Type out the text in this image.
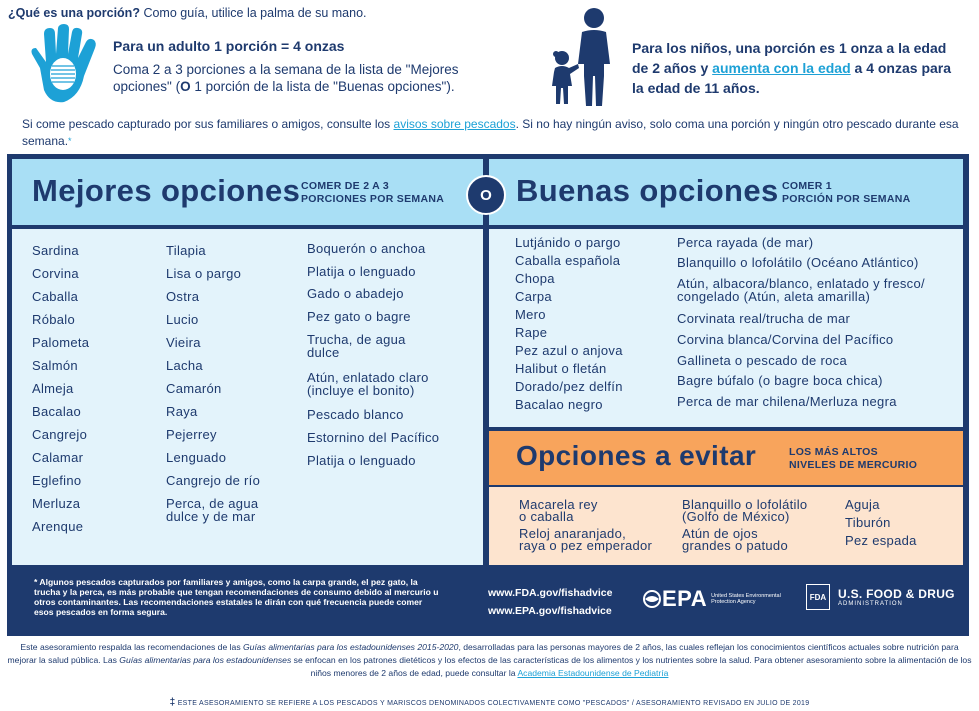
¿Qué es una porción? Como guía, utilice la palma de su mano.
Para un adulto 1 porción = 4 onzas
Coma 2 a 3 porciones a la semana de la lista de "Mejores opciones" (O 1 porción de la lista de "Buenas opciones").
Para los niños, una porción es 1 onza a la edad de 2 años y aumenta con la edad a 4 onzas para la edad de 11 años.
Si come pescado capturado por sus familiares o amigos, consulte los avisos sobre pescados. Si no hay ningún aviso, solo coma una porción y ningún otro pescado durante esa semana.*
Mejores opciones COMER DE 2 A 3
PORCIONES POR SEMANA Buenas opciones COMER 1
PORCIÓN POR SEMANA
O
Sardina
Corvina
Caballa
Róbalo
Palometa
Salmón
Almeja
Bacalao
Cangrejo
Calamar
Eglefino
Merluza
Arenque
Tilapia
Lisa o pargo
Ostra
Lucio
Vieira
Lacha
Camarón
Raya
Pejerrey
Lenguado
Cangrejo de río
Perca, de agua
dulce y de mar
Boquerón o anchoa
Platija o lenguado
Gado o abadejo
Pez gato o bagre
Trucha, de agua
dulce
Atún, enlatado claro
(incluye el bonito)
Pescado blanco
Estornino del Pacífico
Platija o lenguado
Lutjánido o pargo
Caballa española
Chopa
Carpa
Mero
Rape
Pez azul o anjova
Halibut o fletán
Dorado/pez delfín
Bacalao negro
Perca rayada (de mar)
Blanquillo o lofolátilo (Océano Atlántico)
Atún, albacora/blanco, enlatado y fresco/
congelado (Atún, aleta amarilla)
Corvinata real/trucha de mar
Corvina blanca/Corvina del Pacífico
Gallineta o pescado de roca
Bagre búfalo (o bagre boca chica)
Perca de mar chilena/Merluza negra
Opciones a evitar	LOS MÁS ALTOS
NIVELES DE MERCURIO
Macarela rey
o caballa
Reloj anaranjado,
raya o pez emperador
Blanquillo o lofolátilo
(Golfo de México)
Atún de ojos
grandes o patudo
Aguja
Tiburón
Pez espada
* Algunos pescados capturados por familiares y amigos, como la carpa grande, el pez gato, la trucha y la perca, es más probable que tengan recomendaciones de consumo debido al mercurio u otros contaminantes. Las recomendaciones estatales le dirán con qué frecuencia puede comer esos pescados en forma segura.
www.FDA.gov/fishadvice
www.EPA.gov/fishadvice EPA United States Environmental Protection Agency
FDA U.S. FOOD & DRUG
ADMINISTRATION
Este asesoramiento respalda las recomendaciones de las Guías alimentarias para los estadounidenses 2015-2020, desarrolladas para las personas mayores de 2 años, las cuales reflejan los conocimientos científicos actuales sobre nutrición para mejorar la salud pública. Las Guías alimentarias para los estadounidenses se enfocan en los patrones dietéticos y los efectos de las características de los alimentos y los nutrientes sobre la salud. Para obtener asesoramiento sobre la alimentación de los niños menores de 2 años de edad, puede consultar la Academia Estadounidense de Pediatría
‡ ESTE ASESORAMIENTO SE REFIERE A LOS PESCADOS Y MARISCOS DENOMINADOS COLECTIVAMENTE COMO "PESCADOS" / ASESORAMIENTO REVISADO EN JULIO DE 2019
